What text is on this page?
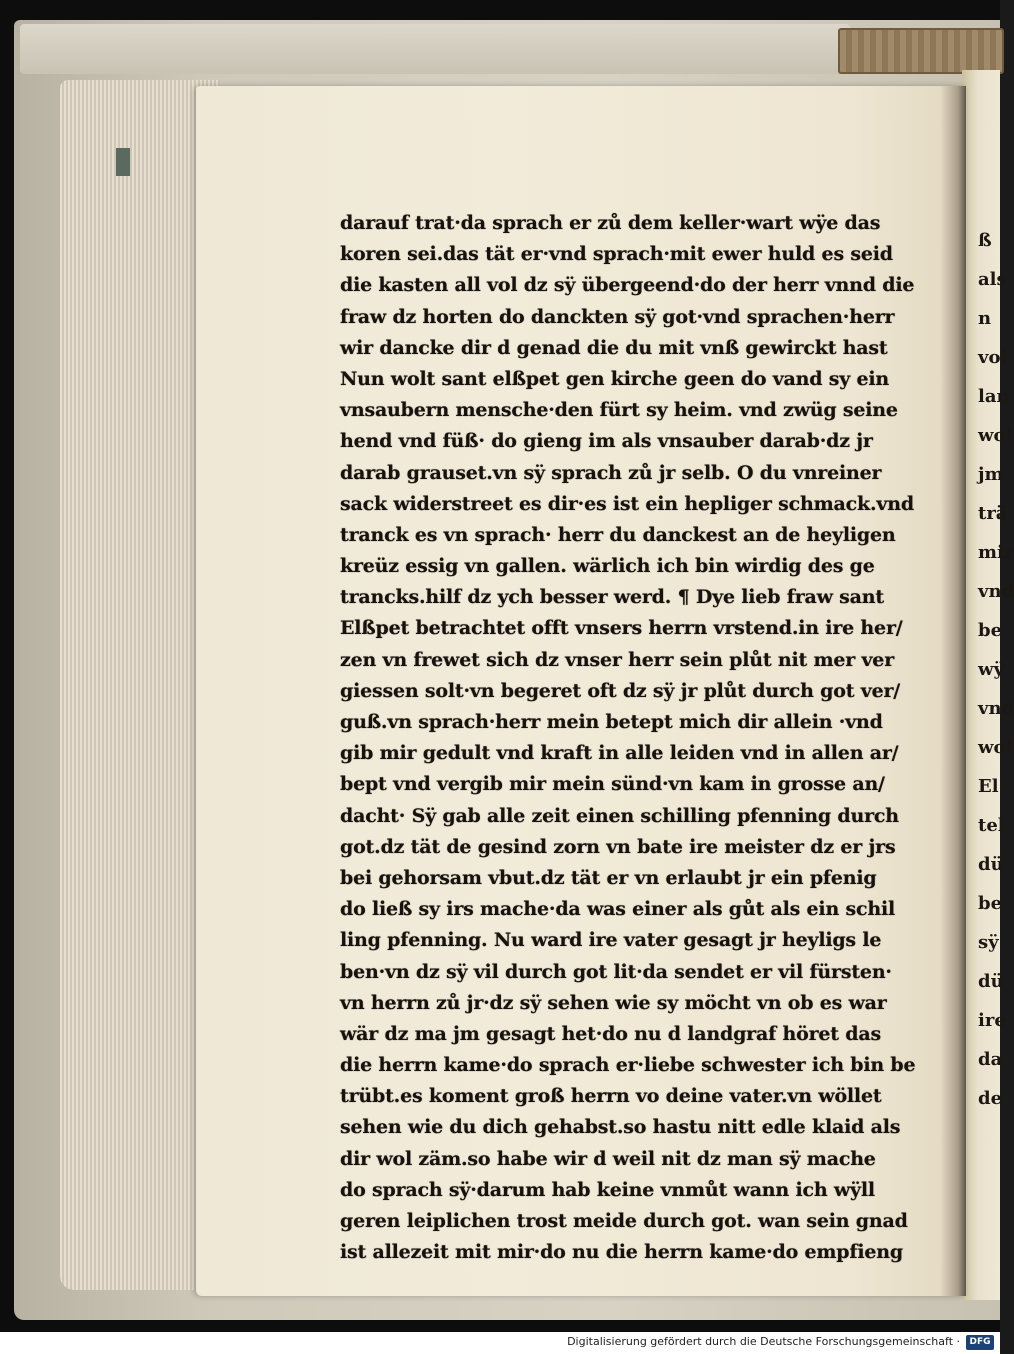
ß
als
n
vol
lan
wol
jm
trä
mir
vnd
be
wÿ
vnd
wol
El
tel
dü
be
sÿ
dü
ire
da
de
darauf trat·da sprach er zů dem keller·wart wÿe das
koren sei.das tät er·vnd sprach·mit ewer huld es seid
die kasten all vol dz sÿ übergeend·do der herr vnnd die
fraw dz horten do danckten sÿ got·vnd sprachen·herr
wir dancke dir d genad die du mit vnß gewirckt hast
Nun wolt sant elßpet gen kirche geen do vand sy ein
vnsaubern mensche·den fürt sy heim. vnd zwüg seine
hend vnd füß· do gieng im als vnsauber darab·dz jr
darab grauset.vn sÿ sprach zů jr selb. O du vnreiner
sack widerstreet es dir·es ist ein hepliger schmack.vnd
tranck es vn sprach· herr du danckest an de heyligen
kreüz essig vn gallen. wärlich ich bin wirdig des ge
trancks.hilf dz ych besser werd. ¶ Dye lieb fraw sant
Elßpet betrachtet offt vnsers herrn vrstend.in ire her/
zen vn frewet sich dz vnser herr sein plůt nit mer ver
giessen solt·vn begeret oft dz sÿ jr plůt durch got ver/
guß.vn sprach·herr mein betept mich dir allein ·vnd
gib mir gedult vnd kraft in alle leiden vnd in allen ar/
bept vnd vergib mir mein sünd·vn kam in grosse an/
dacht· Sÿ gab alle zeit einen schilling pfenning durch
got.dz tät de gesind zorn vn bate ire meister dz er jrs
bei gehorsam vbut.dz tät er vn erlaubt jr ein pfenig
do ließ sy irs mache·da was einer als gůt als ein schil
ling pfenning. Nu ward ire vater gesagt jr heyligs le
ben·vn dz sÿ vil durch got lit·da sendet er vil fürsten·
vn herrn zů jr·dz sÿ sehen wie sy möcht vn ob es war
wär dz ma jm gesagt het·do nu d landgraf höret das
die herrn kame·do sprach er·liebe schwester ich bin be
trübt.es koment groß herrn vo deine vater.vn wöllet
sehen wie du dich gehabst.so hastu nitt edle klaid als
dir wol zäm.so habe wir d weil nit dz man sÿ mache
do sprach sÿ·darum hab keine vnmůt wann ich wÿll
geren leiplichen trost meide durch got. wan sein gnad
ist allezeit mit mir·do nu die herrn kame·do empfieng
Digitalisierung gefördert durch die Deutsche Forschungsgemeinschaft ·	DFG
